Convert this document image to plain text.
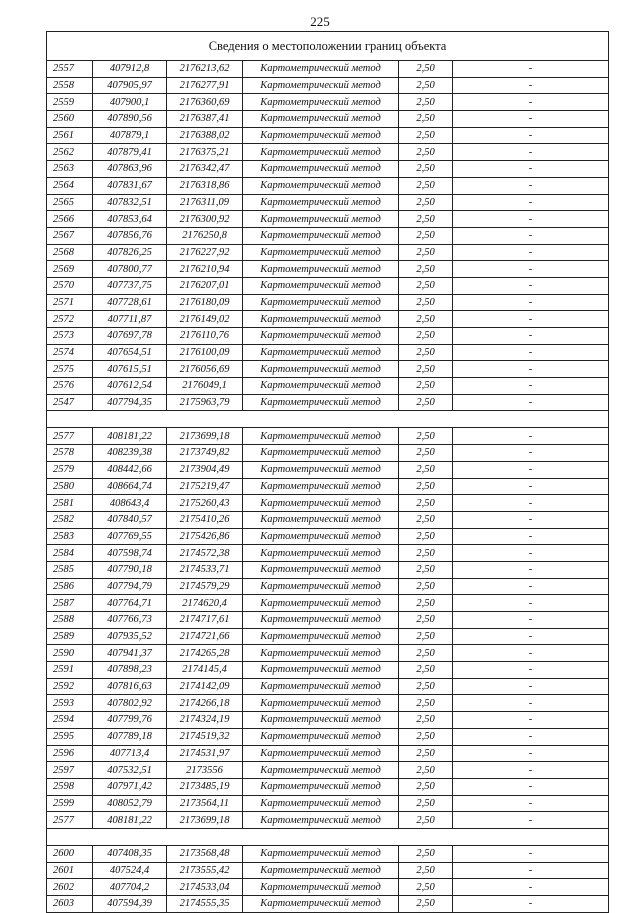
225
Сведения о местоположении границ объекта					
2557	407912,8	2176213,62	Картометрический метод	2,50	-
2558	407905,97	2176277,91	Картометрический метод	2,50	-
2559	407900,1	2176360,69	Картометрический метод	2,50	-
2560	407890,56	2176387,41	Картометрический метод	2,50	-
2561	407879,1	2176388,02	Картометрический метод	2,50	-
2562	407879,41	2176375,21	Картометрический метод	2,50	-
2563	407863,96	2176342,47	Картометрический метод	2,50	-
2564	407831,67	2176318,86	Картометрический метод	2,50	-
2565	407832,51	2176311,09	Картометрический метод	2,50	-
2566	407853,64	2176300,92	Картометрический метод	2,50	-
2567	407856,76	2176250,8	Картометрический метод	2,50	-
2568	407826,25	2176227,92	Картометрический метод	2,50	-
2569	407800,77	2176210,94	Картометрический метод	2,50	-
2570	407737,75	2176207,01	Картометрический метод	2,50	-
2571	407728,61	2176180,09	Картометрический метод	2,50	-
2572	407711,87	2176149,02	Картометрический метод	2,50	-
2573	407697,78	2176110,76	Картометрический метод	2,50	-
2574	407654,51	2176100,09	Картометрический метод	2,50	-
2575	407615,51	2176056,69	Картометрический метод	2,50	-
2576	407612,54	2176049,1	Картометрический метод	2,50	-
2547	407794,35	2175963,79	Картометрический метод	2,50	-

2577	408181,22	2173699,18	Картометрический метод	2,50	-
2578	408239,38	2173749,82	Картометрический метод	2,50	-
2579	408442,66	2173904,49	Картометрический метод	2,50	-
2580	408664,74	2175219,47	Картометрический метод	2,50	-
2581	408643,4	2175260,43	Картометрический метод	2,50	-
2582	407840,57	2175410,26	Картометрический метод	2,50	-
2583	407769,55	2175426,86	Картометрический метод	2,50	-
2584	407598,74	2174572,38	Картометрический метод	2,50	-
2585	407790,18	2174533,71	Картометрический метод	2,50	-
2586	407794,79	2174579,29	Картометрический метод	2,50	-
2587	407764,71	2174620,4	Картометрический метод	2,50	-
2588	407766,73	2174717,61	Картометрический метод	2,50	-
2589	407935,52	2174721,66	Картометрический метод	2,50	-
2590	407941,37	2174265,28	Картометрический метод	2,50	-
2591	407898,23	2174145,4	Картометрический метод	2,50	-
2592	407816,63	2174142,09	Картометрический метод	2,50	-
2593	407802,92	2174266,18	Картометрический метод	2,50	-
2594	407799,76	2174324,19	Картометрический метод	2,50	-
2595	407789,18	2174519,32	Картометрический метод	2,50	-
2596	407713,4	2174531,97	Картометрический метод	2,50	-
2597	407532,51	2173556	Картометрический метод	2,50	-
2598	407971,42	2173485,19	Картометрический метод	2,50	-
2599	408052,79	2173564,11	Картометрический метод	2,50	-
2577	408181,22	2173699,18	Картометрический метод	2,50	-

2600	407408,35	2173568,48	Картометрический метод	2,50	-
2601	407524,4	2173555,42	Картометрический метод	2,50	-
2602	407704,2	2174533,04	Картометрический метод	2,50	-
2603	407594,39	2174555,35	Картометрический метод	2,50	-
